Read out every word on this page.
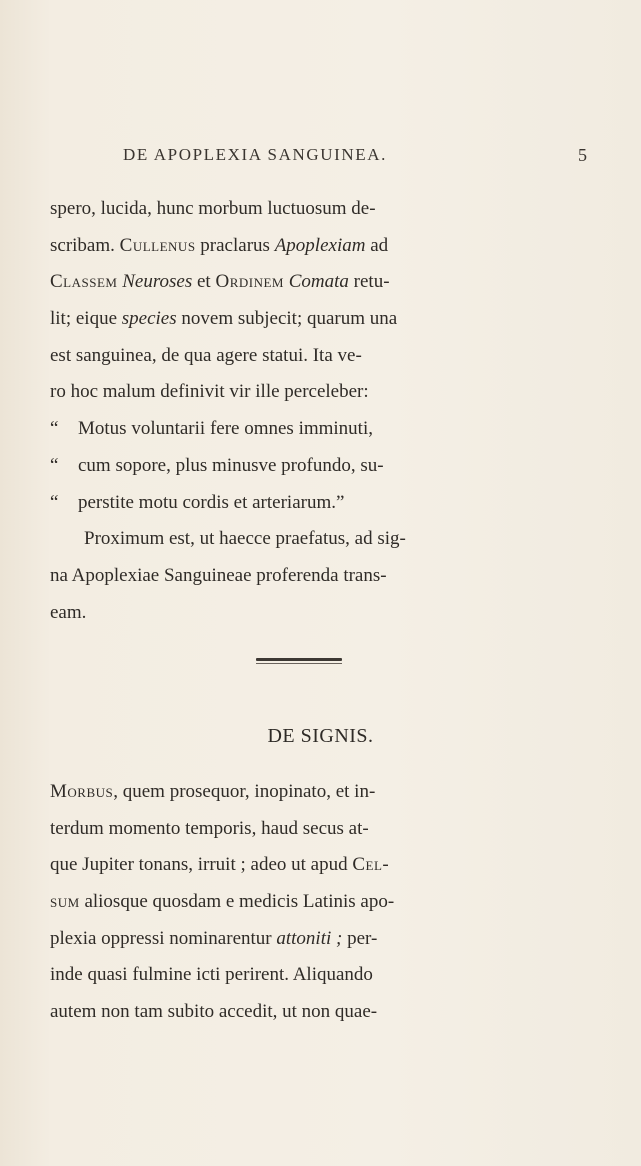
DE APOPLEXIA SANGUINEA.	5
spero, lucida, hunc morbum luctuosum de-
scribam. Cullenus praclarus Apoplexiam ad
Classem Neuroses et Ordinem Comata retu-
lit; eique species novem subjecit; quarum una
est sanguinea, de qua agere statui. Ita ve-
ro hoc malum definivit vir ille perceleber:
“ Motus voluntarii fere omnes imminuti,
“ cum sopore, plus minusve profundo, su-
“ perstite motu cordis et arteriarum.”
Proximum est, ut haecce praefatus, ad sig-
na Apoplexiae Sanguineae proferenda trans-
eam.
DE SIGNIS.
Morbus, quem prosequor, inopinato, et in-
terdum momento temporis, haud secus at-
que Jupiter tonans, irruit ; adeo ut apud Cel-
sum aliosque quosdam e medicis Latinis apo-
plexia oppressi nominarentur attoniti ; per-
inde quasi fulmine icti perirent. Aliquando
autem non tam subito accedit, ut non quae-
